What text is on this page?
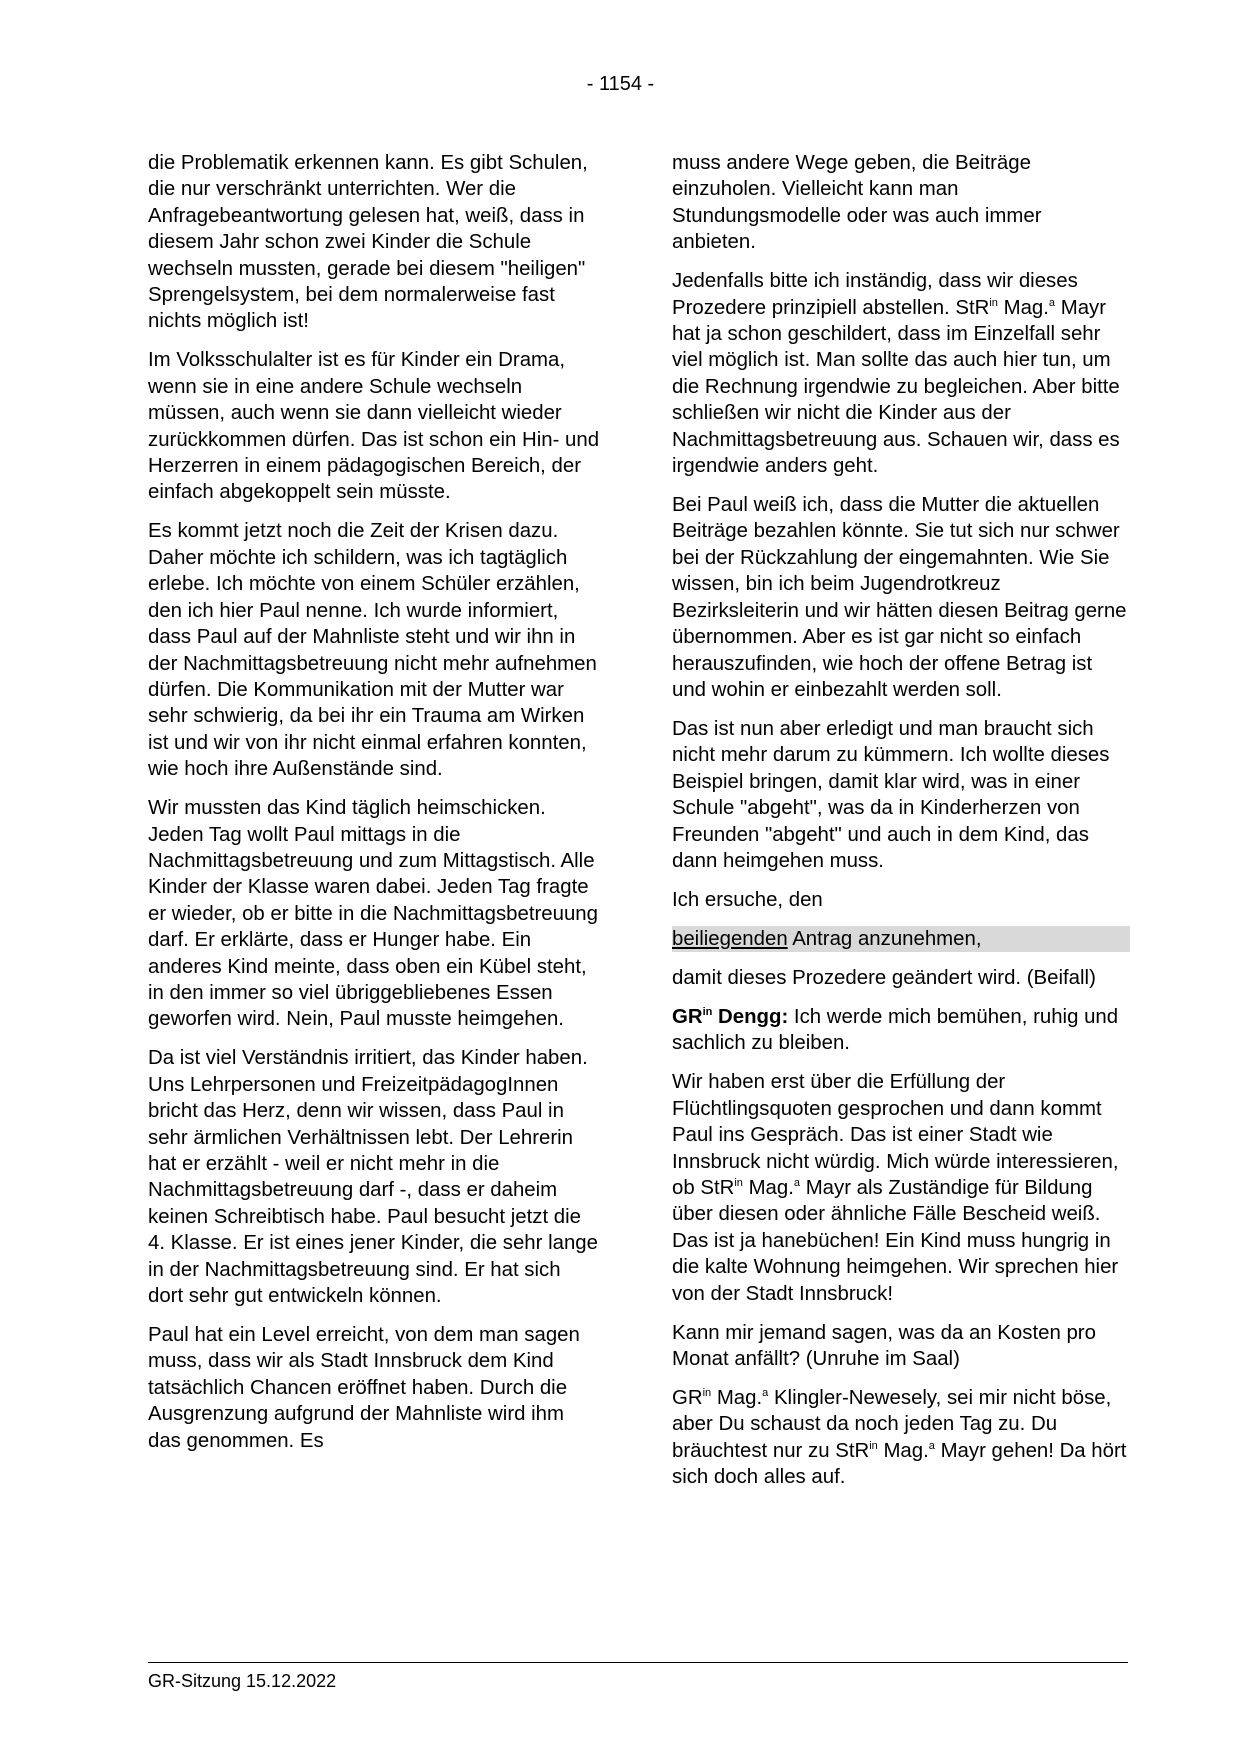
- 1154 -

die Problematik erkennen kann. Es gibt Schulen, die nur verschränkt unterrichten. Wer die Anfragebeantwortung gelesen hat, weiß, dass in diesem Jahr schon zwei Kinder die Schule wechseln mussten, gerade bei diesem "heiligen" Sprengelsystem, bei dem normalerweise fast nichts möglich ist!

Im Volksschulalter ist es für Kinder ein Drama, wenn sie in eine andere Schule wechseln müssen, auch wenn sie dann vielleicht wieder zurückkommen dürfen. Das ist schon ein Hin- und Herzerren in einem pädagogischen Bereich, der einfach abgekoppelt sein müsste.

Es kommt jetzt noch die Zeit der Krisen dazu. Daher möchte ich schildern, was ich tagtäglich erlebe. Ich möchte von einem Schüler erzählen, den ich hier Paul nenne. Ich wurde informiert, dass Paul auf der Mahnliste steht und wir ihn in der Nachmittagsbetreuung nicht mehr aufnehmen dürfen. Die Kommunikation mit der Mutter war sehr schwierig, da bei ihr ein Trauma am Wirken ist und wir von ihr nicht einmal erfahren konnten, wie hoch ihre Außenstände sind.

Wir mussten das Kind täglich heimschicken. Jeden Tag wollt Paul mittags in die Nachmittagsbetreuung und zum Mittagstisch. Alle Kinder der Klasse waren dabei. Jeden Tag fragte er wieder, ob er bitte in die Nachmittagsbetreuung darf. Er erklärte, dass er Hunger habe. Ein anderes Kind meinte, dass oben ein Kübel steht, in den immer so viel übriggebliebenes Essen geworfen wird. Nein, Paul musste heimgehen.

Da ist viel Verständnis irritiert, das Kinder haben. Uns Lehrpersonen und FreizeitpädagogInnen bricht das Herz, denn wir wissen, dass Paul in sehr ärmlichen Verhältnissen lebt. Der Lehrerin hat er erzählt - weil er nicht mehr in die Nachmittagsbetreuung darf -, dass er daheim keinen Schreibtisch habe. Paul besucht jetzt die 4. Klasse. Er ist eines jener Kinder, die sehr lange in der Nachmittagsbetreuung sind. Er hat sich dort sehr gut entwickeln können.

Paul hat ein Level erreicht, von dem man sagen muss, dass wir als Stadt Innsbruck dem Kind tatsächlich Chancen eröffnet haben. Durch die Ausgrenzung aufgrund der Mahnliste wird ihm das genommen. Es

muss andere Wege geben, die Beiträge einzuholen. Vielleicht kann man Stundungsmodelle oder was auch immer anbieten.

Jedenfalls bitte ich inständig, dass wir dieses Prozedere prinzipiell abstellen. StR$^{in}$ Mag.$^a$ Mayr hat ja schon geschildert, dass im Einzelfall sehr viel möglich ist. Man sollte das auch hier tun, um die Rechnung irgendwie zu begleichen. Aber bitte schließen wir nicht die Kinder aus der Nachmittagsbetreuung aus. Schauen wir, dass es irgendwie anders geht.

Bei Paul weiß ich, dass die Mutter die aktuellen Beiträge bezahlen könnte. Sie tut sich nur schwer bei der Rückzahlung der eingemahnten. Wie Sie wissen, bin ich beim Jugendrotkreuz Bezirksleiterin und wir hätten diesen Beitrag gerne übernommen. Aber es ist gar nicht so einfach herauszufinden, wie hoch der offene Betrag ist und wohin er einbezahlt werden soll.

Das ist nun aber erledigt und man braucht sich nicht mehr darum zu kümmern. Ich wollte dieses Beispiel bringen, damit klar wird, was in einer Schule "abgeht", was da in Kinderherzen von Freunden "abgeht" und auch in dem Kind, das dann heimgehen muss.

Ich ersuche, den

beiliegenden Antrag anzunehmen,

damit dieses Prozedere geändert wird. (Beifall)

$GR^{in}$ Dengg: Ich werde mich bemühen, ruhig und sachlich zu bleiben.

Wir haben erst über die Erfüllung der Flüchtlingsquoten gesprochen und dann kommt Paul ins Gespräch. Das ist einer Stadt wie Innsbruck nicht würdig. Mich würde interessieren, ob StR$^{in}$ Mag.$^a$ Mayr als Zuständige für Bildung über diesen oder ähnliche Fälle Bescheid weiß. Das ist ja hanebüchen! Ein Kind muss hungrig in die kalte Wohnung heimgehen. Wir sprechen hier von der Stadt Innsbruck!

Kann mir jemand sagen, was da an Kosten pro Monat anfällt? (Unruhe im Saal)

$GR^{in}$ Mag.$^a$ Klingler-Newesely, sei mir nicht böse, aber Du schaust da noch jeden Tag zu. Du bräuchtest nur zu StR$^{in}$ Mag.$^a$ Mayr gehen! Da hört sich doch alles auf.

GR-Sitzung 15.12.2022
